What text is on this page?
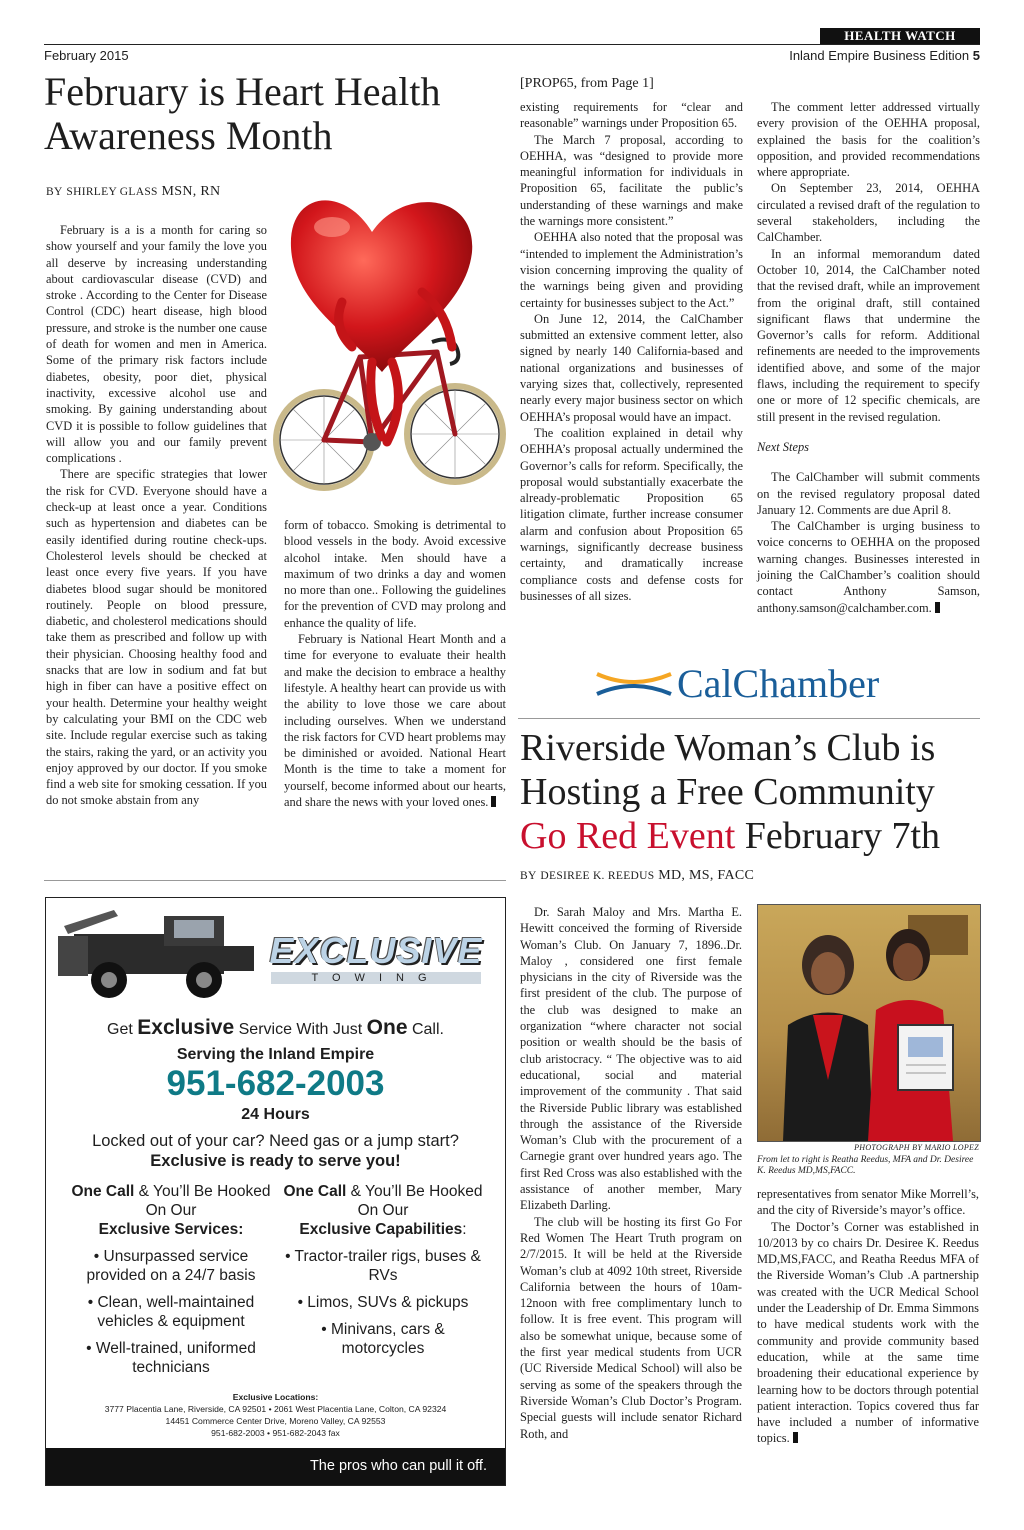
HEALTH WATCH
February 2015	Inland Empire Business Edition 5
February is Heart Health
Awareness Month
BY SHIRLEY GLASS MSN, RN

February is a is a month for caring so show yourself and your family the love you all deserve by increasing understanding about cardiovascular disease (CVD) and stroke . According to the Center for Disease Control (CDC) heart disease, high blood pressure, and stroke is the number one cause of death for women and men in America. Some of the primary risk factors include diabetes, obesity, poor diet, physical inactivity, excessive alcohol use and smoking. By gaining understanding about CVD it is possible to follow guidelines that will allow you and our family prevent complications .

There are specific strategies that lower the risk for CVD. Everyone should have a check-up at least once a year. Conditions such as hypertension and diabetes can be easily identified during routine check-ups. Cholesterol levels should be checked at least once every five years. If you have diabetes blood sugar should be monitored routinely. People on blood pressure, diabetic, and cholesterol medications should take them as prescribed and follow up with their physician. Choosing healthy food and snacks that are low in sodium and fat but high in fiber can have a positive effect on your health. Determine your healthy weight by calculating your BMI on the CDC web site. Include regular exercise such as taking the stairs, raking the yard, or an activity you enjoy approved by our doctor. If you smoke find a web site for smoking cessation. If you do not smoke abstain from any

form of tobacco. Smoking is detrimental to blood vessels in the body. Avoid excessive alcohol intake. Men should have a maximum of two drinks a day and women no more than one.. Following the guidelines for the prevention of CVD may prolong and enhance the quality of life.

February is National Heart Month and a time for everyone to evaluate their health and make the decision to embrace a healthy lifestyle. A healthy heart can provide us with the ability to love those we care about including ourselves. When we understand the risk factors for CVD heart problems may be diminished or avoided. National Heart Month is the time to take a moment for yourself, become informed about our hearts, and share the news with your loved ones.

[PROP65, from Page 1]

existing requirements for “clear and reasonable” warnings under Proposition 65.

The March 7 proposal, according to OEHHA, was “designed to provide more meaningful information for individuals in Proposition 65, facilitate the public’s understanding of these warnings and make the warnings more consistent.”

OEHHA also noted that the proposal was “intended to implement the Administration’s vision concerning improving the quality of the warnings being given and providing certainty for businesses subject to the Act.”

On June 12, 2014, the CalChamber submitted an extensive comment letter, also signed by nearly 140 California-based and national organizations and businesses of varying sizes that, collectively, represented nearly every major business sector on which OEHHA’s proposal would have an impact.

The coalition explained in detail why OEHHA’s proposal actually undermined the Governor’s calls for reform. Specifically, the proposal would substantially exacerbate the already-problematic Proposition 65 litigation climate, further increase consumer alarm and confusion about Proposition 65 warnings, significantly decrease business certainty, and dramatically increase compliance costs and defense costs for businesses of all sizes.

The comment letter addressed virtually every provision of the OEHHA proposal, explained the basis for the coalition’s opposition, and provided recommendations where appropriate.

On September 23, 2014, OEHHA circulated a revised draft of the regulation to several stakeholders, including the CalChamber.

In an informal memorandum dated October 10, 2014, the CalChamber noted that the revised draft, while an improvement from the original draft, still contained significant flaws that undermine the Governor’s calls for reform. Additional refinements are needed to the improvements identified above, and some of the major flaws, including the requirement to specify one or more of 12 specific chemicals, are still present in the revised regulation.

Next Steps

The CalChamber will submit comments on the revised regulatory proposal dated January 12. Comments are due April 8.

The CalChamber is urging business to voice concerns to OEHHA on the proposed warning changes. Businesses interested in joining the CalChamber’s coalition should contact Anthony Samson, anthony.samson@calchamber.com.

CalChamber
Riverside Woman’s Club is
Hosting a Free Community
Go Red Event February 7th
BY DESIREE K. REEDUS MD, MS, FACC

Dr. Sarah Maloy and Mrs. Martha E. Hewitt conceived the forming of Riverside Woman’s Club. On January 7, 1896..Dr. Maloy , considered one first female physicians in the city of Riverside was the first president of the club. The purpose of the club was designed to make an organization “where character not social position or wealth should be the basis of club aristocracy. “ The objective was to aid educational, social and material improvement of the community . That said the Riverside Public library was established through the assistance of the Riverside Woman’s Club with the procurement of a Carnegie grant over hundred years ago. The first Red Cross was also established with the assistance of another member, Mary Elizabeth Darling.

The club will be hosting its first Go For Red Women The Heart Truth program on 2/7/2015. It will be held at the Riverside Woman’s club at 4092 10th street, Riverside California between the hours of 10am-12noon with free complimentary lunch to follow. It is free event. This program will also be somewhat unique, because some of the first year medical students from UCR (UC Riverside Medical School) will also be serving as some of the speakers through the Riverside Woman’s Club Doctor’s Program. Special guests will include senator Richard Roth, and

PHOTOGRAPH BY MARIO LOPEZ
From let to right is Reatha Reedus, MFA and Dr. Desiree K. Reedus MD,MS,FACC.

representatives from senator Mike Morrell’s, and the city of Riverside’s mayor’s office.

The Doctor’s Corner was established in 10/2013 by co chairs Dr. Desiree K. Reedus MD,MS,FACC, and Reatha Reedus MFA of the Riverside Woman’s Club .A partnership was created with the UCR Medical School under the Leadership of Dr. Emma Simmons to have medical students work with the community and provide community based education, while at the same time broadening their educational experience by learning how to be doctors through potential patient interaction. Topics covered thus far have included a number of informative topics.

EXCLUSIVE
TOWING
Get Exclusive Service With Just One Call.
Serving the Inland Empire
951-682-2003
24 Hours
Locked out of your car? Need gas or a jump start?
Exclusive is ready to serve you!
One Call & You’ll Be Hooked
On Our
Exclusive Services:
• Unsurpassed service provided on a 24/7 basis
• Clean, well-maintained vehicles & equipment
• Well-trained, uniformed technicians
One Call & You’ll Be Hooked
On Our
Exclusive Capabilities:
• Tractor-trailer rigs, buses & RVs
• Limos, SUVs & pickups
• Minivans, cars & motorcycles
Exclusive Locations:
3777 Placentia Lane, Riverside, CA 92501 • 2061 West Placentia Lane, Colton, CA 92324
14451 Commerce Center Drive, Moreno Valley, CA 92553
951-682-2003 • 951-682-2043 fax
The pros who can pull it off.
